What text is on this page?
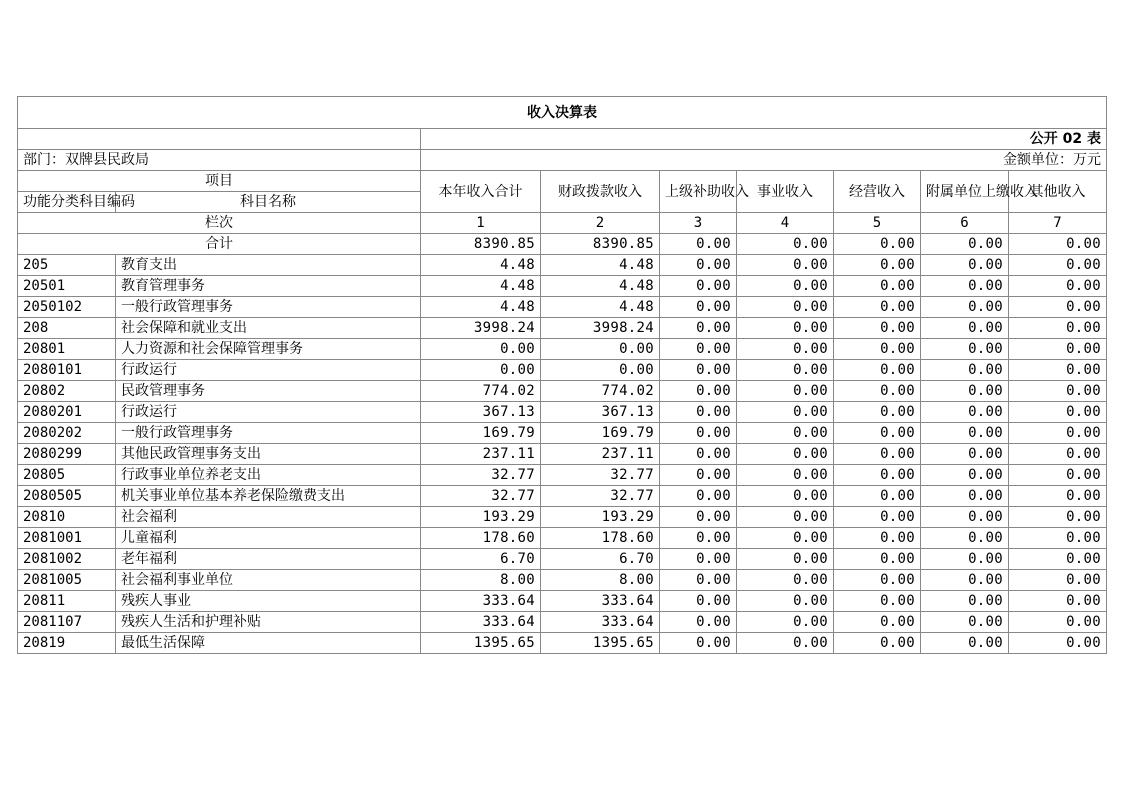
收入决算表								
		公开 02 表						
部门：双牌县民政局		金额单位：万元						
项目		本年收入合计	财政拨款收入	上级补助收入	事业收入	经营收入	附属单位上缴收入	其他收入
功能分类科目编码	科目名称							
栏次		1	2	3	4	5	6	7
合计		8390.85	8390.85	0.00	0.00	0.00	0.00	0.00
205	教育支出	4.48	4.48	0.00	0.00	0.00	0.00	0.00
20501	教育管理事务	4.48	4.48	0.00	0.00	0.00	0.00	0.00
2050102	一般行政管理事务	4.48	4.48	0.00	0.00	0.00	0.00	0.00
208	社会保障和就业支出	3998.24	3998.24	0.00	0.00	0.00	0.00	0.00
20801	人力资源和社会保障管理事务	0.00	0.00	0.00	0.00	0.00	0.00	0.00
2080101	行政运行	0.00	0.00	0.00	0.00	0.00	0.00	0.00
20802	民政管理事务	774.02	774.02	0.00	0.00	0.00	0.00	0.00
2080201	行政运行	367.13	367.13	0.00	0.00	0.00	0.00	0.00
2080202	一般行政管理事务	169.79	169.79	0.00	0.00	0.00	0.00	0.00
2080299	其他民政管理事务支出	237.11	237.11	0.00	0.00	0.00	0.00	0.00
20805	行政事业单位养老支出	32.77	32.77	0.00	0.00	0.00	0.00	0.00
2080505	机关事业单位基本养老保险缴费支出	32.77	32.77	0.00	0.00	0.00	0.00	0.00
20810	社会福利	193.29	193.29	0.00	0.00	0.00	0.00	0.00
2081001	儿童福利	178.60	178.60	0.00	0.00	0.00	0.00	0.00
2081002	老年福利	6.70	6.70	0.00	0.00	0.00	0.00	0.00
2081005	社会福利事业单位	8.00	8.00	0.00	0.00	0.00	0.00	0.00
20811	残疾人事业	333.64	333.64	0.00	0.00	0.00	0.00	0.00
2081107	残疾人生活和护理补贴	333.64	333.64	0.00	0.00	0.00	0.00	0.00
20819	最低生活保障	1395.65	1395.65	0.00	0.00	0.00	0.00	0.00
